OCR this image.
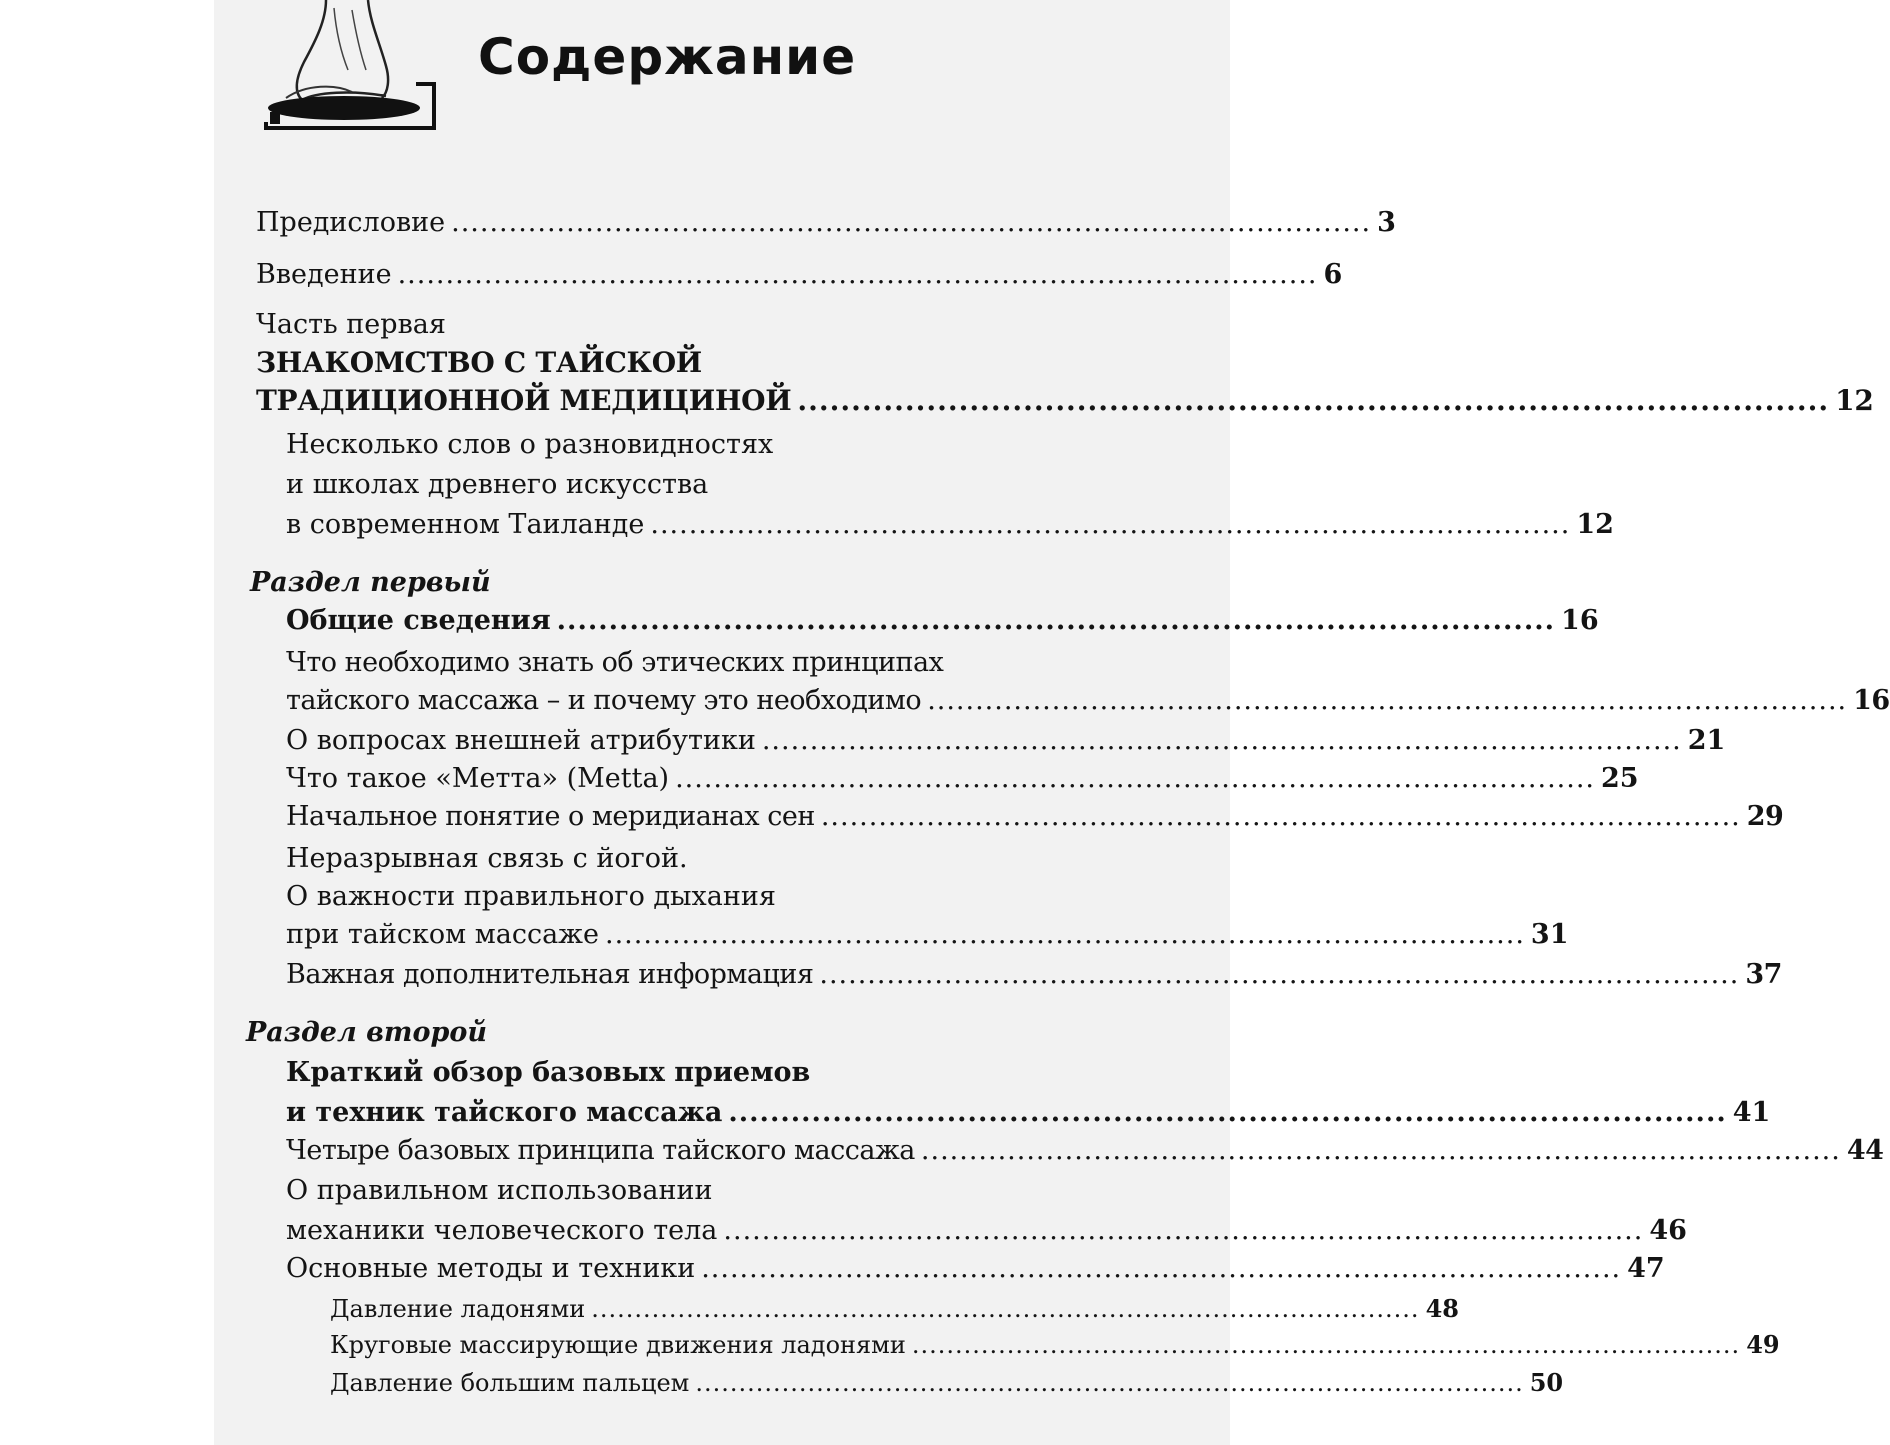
Содержание
Предисловие ................................................................................................ 3
Введение ................................................................................................ 6
Часть первая
ЗНАКОМСТВО С ТАЙСКОЙ
ТРАДИЦИОННОЙ МЕДИЦИНОЙ ................................................................................................ 12
Несколько слов о разновидностях
и школах древнего искусства
в современном Таиланде ................................................................................................ 12
Раздел первый
Общие сведения ................................................................................................ 16
Что необходимо знать об этических принципах
тайского массажа – и почему это необходимо ................................................................................................ 16
О вопросах внешней атрибутики ................................................................................................ 21
Что такое «Метта» (Metta) ................................................................................................ 25
Начальное понятие о меридианах сен ................................................................................................ 29
Неразрывная связь с йогой.
О важности правильного дыхания
при тайском массаже ................................................................................................ 31
Важная дополнительная информация ................................................................................................ 37
Раздел второй
Краткий обзор базовых приемов
и техник тайского массажа ................................................................................................ 41
Четыре базовых принципа тайского массажа ................................................................................................ 44
О правильном использовании
механики человеческого тела ................................................................................................ 46
Основные методы и техники ................................................................................................ 47
Давление ладонями ................................................................................................ 48
Круговые массирующие движения ладонями ................................................................................................ 49
Давление большим пальцем ................................................................................................ 50
